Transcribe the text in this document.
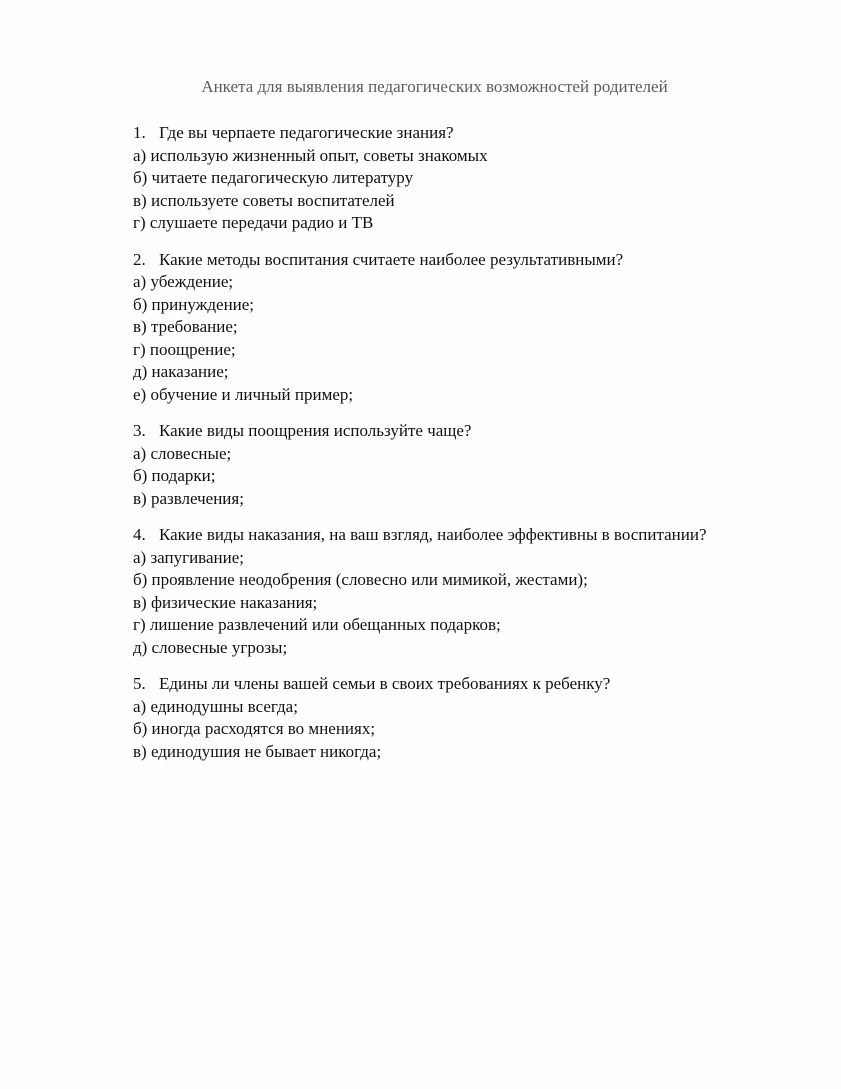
Анкета для выявления педагогических возможностей родителей

1. Где вы черпаете педагогические знания?

а) использую жизненный опыт, советы знакомых

б) читаете педагогическую литературу

в) используете советы воспитателей

г) слушаете передачи радио и ТВ

2. Какие методы воспитания считаете наиболее результативными?

а) убеждение;

б) принуждение;

в) требование;

г) поощрение;

д) наказание;

е) обучение и личный пример;

3. Какие виды поощрения используйте чаще?

а) словесные;

б) подарки;

в) развлечения;

4. Какие виды наказания, на ваш взгляд, наиболее эффективны в воспитании?

а) запугивание;

б) проявление неодобрения (словесно или мимикой, жестами);

в) физические наказания;

г) лишение развлечений или обещанных подарков;

д) словесные угрозы;

5. Едины ли члены вашей семьи в своих требованиях к ребенку?

а) единодушны всегда;

б) иногда расходятся во мнениях;

в) единодушия не бывает никогда;
